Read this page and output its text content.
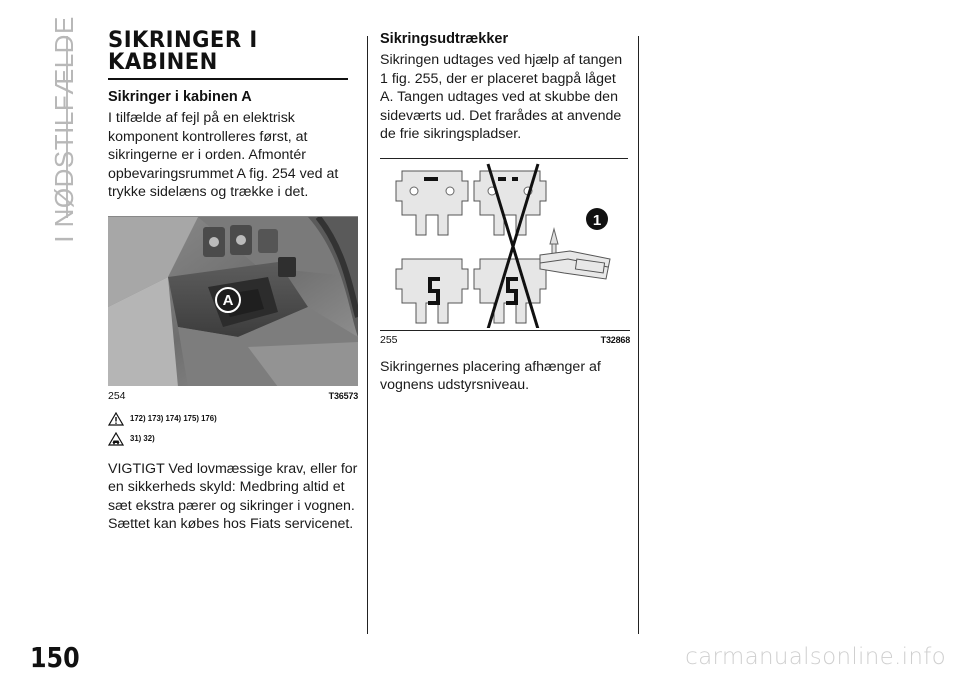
I NØDSTILFÆLDE SIKRINGER I KABINEN
Sikringer i kabinen A

I tilfælde af fejl på en elektrisk komponent kontrolleres først, at sikringerne er i orden. Afmontér opbevaringsrummet A fig. 254 ved at trykke sidelæns og trække i det.

A
254	T36573
172) 173) 174) 175) 176)
31) 32)

VIGTIGT Ved lovmæssige krav, eller for en sikkerheds skyld: Medbring altid et sæt ekstra pærer og sikringer i vognen. Sættet kan købes hos Fiats servicenet.

Sikringsudtrækker

Sikringen udtages ved hjælp af tangen 1 fig. 255, der er placeret bagpå låget A. Tangen udtages ved at skubbe den sideværts ud. Det frarådes at anvende de frie sikringspladser.

1
255	T32868

Sikringernes placering afhænger af vognens udstyrsniveau.

150	carmanualsonline.info
